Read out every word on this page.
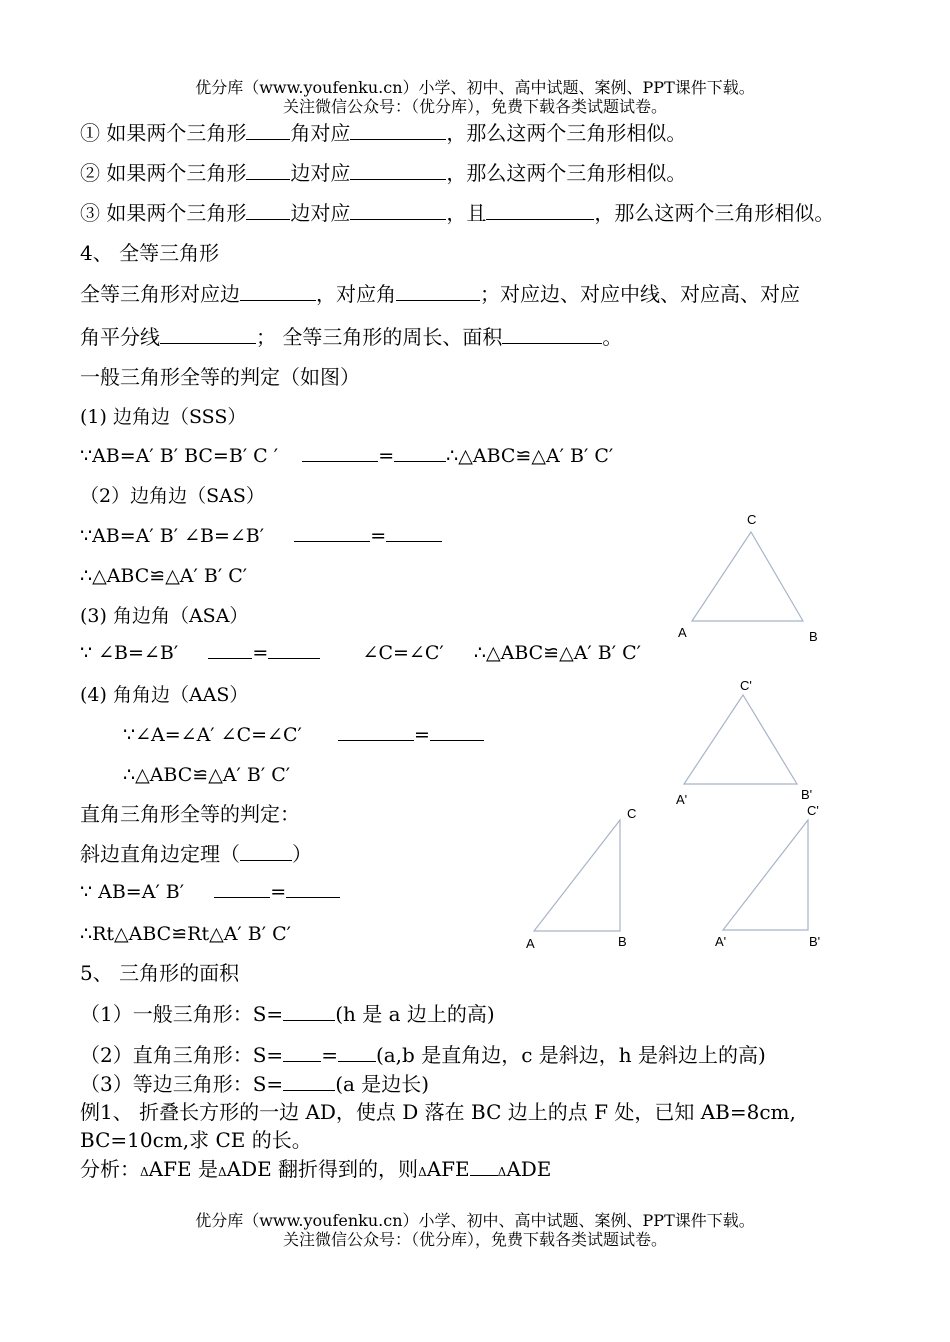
优分库（www.youfenku.cn）小学、初中、高中试题、案例、PPT课件下载。
关注微信公众号：（优分库），免费下载各类试题试卷。
① 如果两个三角形 角对应	，那么这两个三角形相似。
② 如果两个三角形 边对应	，那么这两个三角形相似。
③ 如果两个三角形 边对应	，且	，那么这两个三角形相似。
4、 全等三角形
全等三角形对应边	，对应角	；对应边、对应中线、对应高、对应
角平分线	； 全等三角形的周长、面积	。
一般三角形全等的判定（如图）
(1) 边角边（SSS）
∵AB=A′ B′ BC=B′ C ′	=	∴△ABC≌△A′ B′ C′
（2）边角边（SAS）
∵AB=A′ B′ ∠B=∠B′	=
∴△ABC≌△A′ B′ C′
(3) 角边角（ASA）
∵ ∠B=∠B′	=	∠C=∠C′ ∴△ABC≌△A′ B′ C′
(4) 角角边（AAS）
∵∠A=∠A′ ∠C=∠C′	=
∴△ABC≌△A′ B′ C′
直角三角形全等的判定：
斜边直角边定理（	）
∵ AB=A′ B′	=
∴Rt△ABC≌Rt△A′ B′ C′
5、 三角形的面积
（1）一般三角形：S=	(h 是 a 边上的高)
（2）直角三角形：S= = (a,b 是直角边，c 是斜边，h 是斜边上的高)
（3）等边三角形：S=	(a 是边长)
例1、 折叠长方形的一边 AD，使点 D 落在 BC 边上的点 F 处，已知 AB=8cm,
BC=10cm,求 CE 的长。
分析：ΔAFE 是ΔADE 翻折得到的，则ΔAFE ΔADE
优分库（www.youfenku.cn）小学、初中、高中试题、案例、PPT课件下载。
关注微信公众号：（优分库），免费下载各类试题试卷。
C
A	B
C'
A'	B'
C
A	B
C'
A'	B'
